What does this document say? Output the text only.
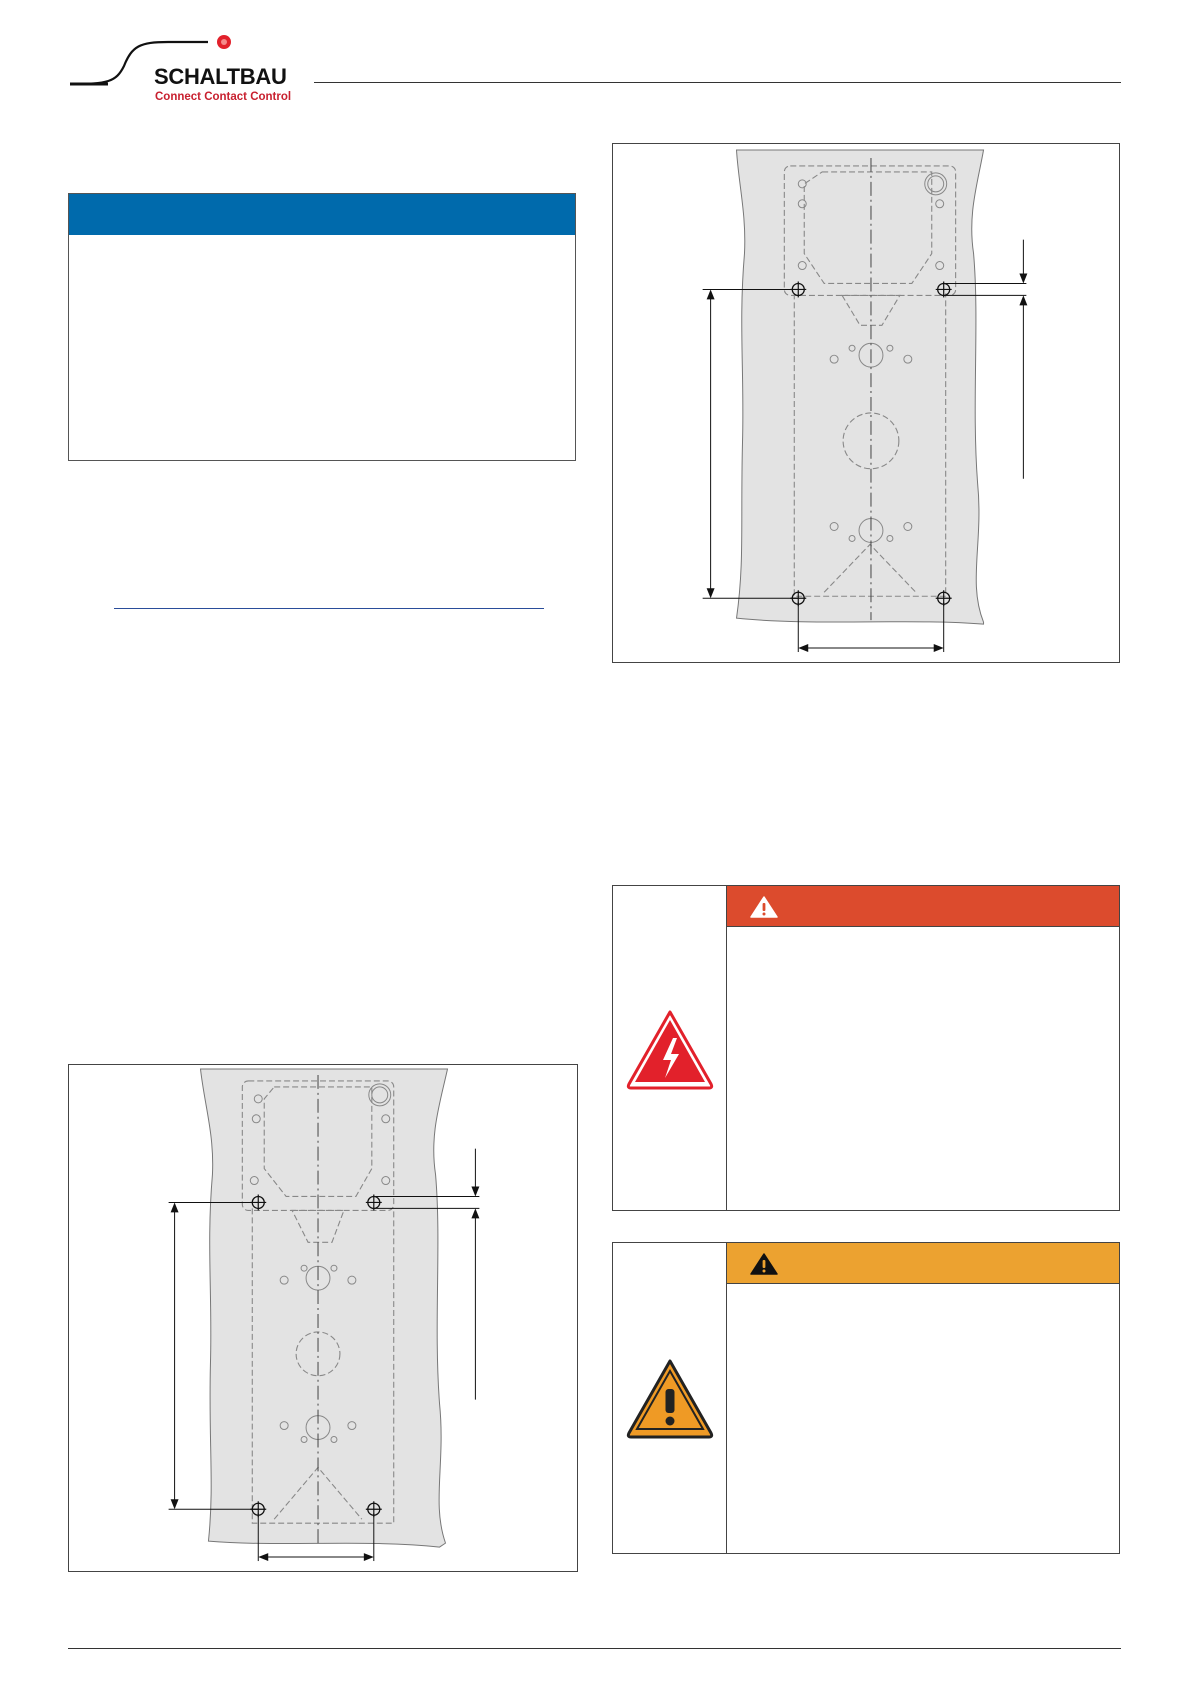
SCHALTBAU
Connect Contact Control
